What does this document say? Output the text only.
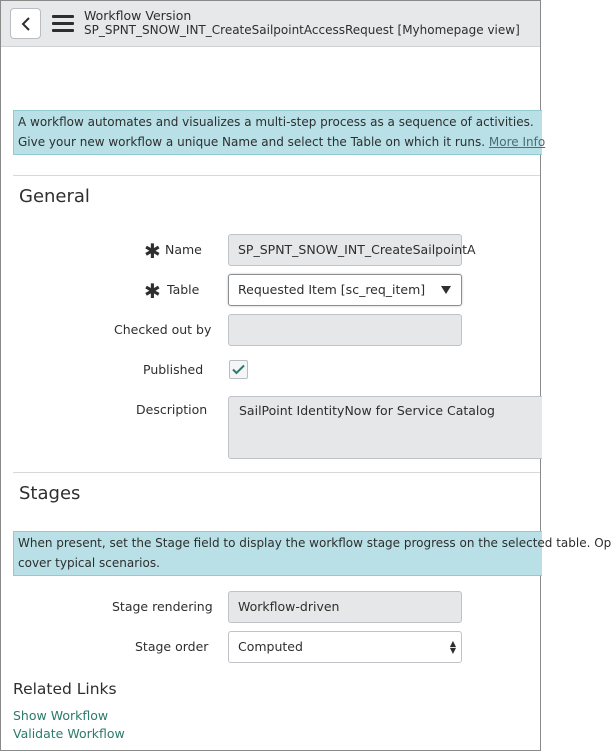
Workflow Version
SP_SPNT_SNOW_INT_CreateSailpointAccessRequest [Myhomepage view]
A workflow automates and visualizes a multi-step process as a sequence of activities.
Give your new workflow a unique Name and select the Table on which it runs. More Info
General
✱ Name	SP_SPNT_SNOW_INT_CreateSailpointA
✱ Table	Requested Item [sc_req_item]
Checked out by
Published
Description	SailPoint IdentityNow for Service Catalog
Stages
When present, set the Stage field to display the workflow stage progress on the selected table. Op
cover typical scenarios.
Stage rendering	Workflow-driven
Stage order	Computed	▲
▼
Related Links
Show Workflow
Validate Workflow
